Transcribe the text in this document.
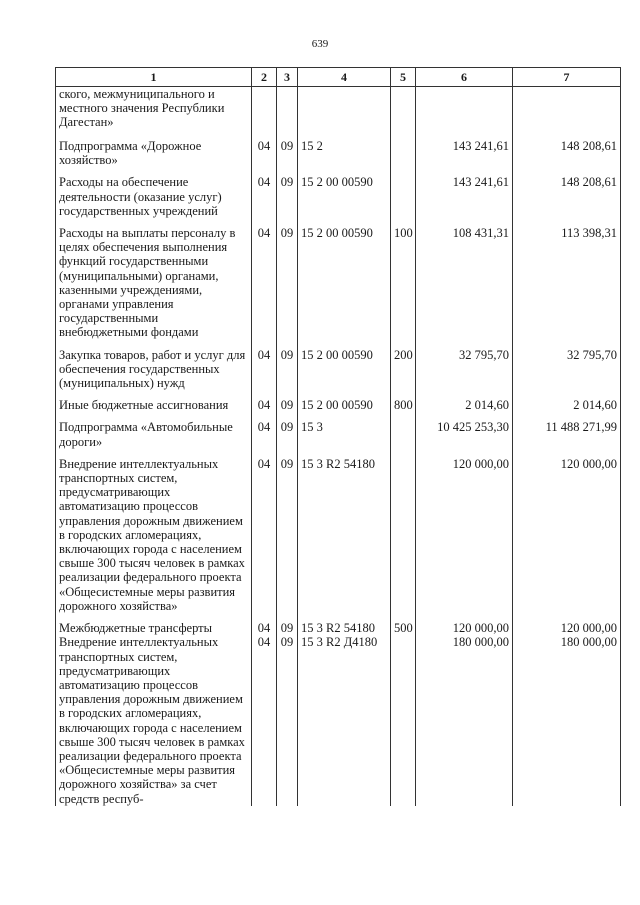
639
1	2	3	4	5	6	7
ского, межмуниципального и местного значения Республики Дагестан»						
Подпрограмма «Дорожное хозяйство»	04	09	15 2		143 241,61	148 208,61
Расходы на обеспечение деятельности (оказание услуг) государственных учреждений	04	09	15 2 00 00590		143 241,61	148 208,61
Расходы на выплаты персоналу в целях обеспечения выполнения функций государственными (муниципальными) органами, казенными учреждениями, органами управления государственными внебюджетными фондами	04	09	15 2 00 00590	100	108 431,31	113 398,31
Закупка товаров, работ и услуг для обеспечения государственных (муниципальных) нужд	04	09	15 2 00 00590	200	32 795,70	32 795,70
Иные бюджетные ассигнования	04	09	15 2 00 00590	800	2 014,60	2 014,60
Подпрограмма «Автомобильные дороги»	04	09	15 3		10 425 253,30	11 488 271,99
Внедрение интеллектуальных транспортных систем, предусматривающих автоматизацию процессов управления дорожным движением в городских агломерациях, включающих города с населением свыше 300 тысяч человек в рамках реализации федерального проекта «Общесистемные меры развития дорожного хозяйства»	04	09	15 3 R2 54180		120 000,00	120 000,00
Межбюджетные трансферты	04	09	15 3 R2 54180	500	120 000,00	120 000,00
Внедрение интеллектуальных транспортных систем, предусматривающих автоматизацию процессов управления дорожным движением в городских агломерациях, включающих города с населением свыше 300 тысяч человек в рамках реализации федерального проекта «Общесистемные меры развития дорожного хозяйства» за счет средств респуб-	04	09	15 3 R2 Д4180		180 000,00	180 000,00
